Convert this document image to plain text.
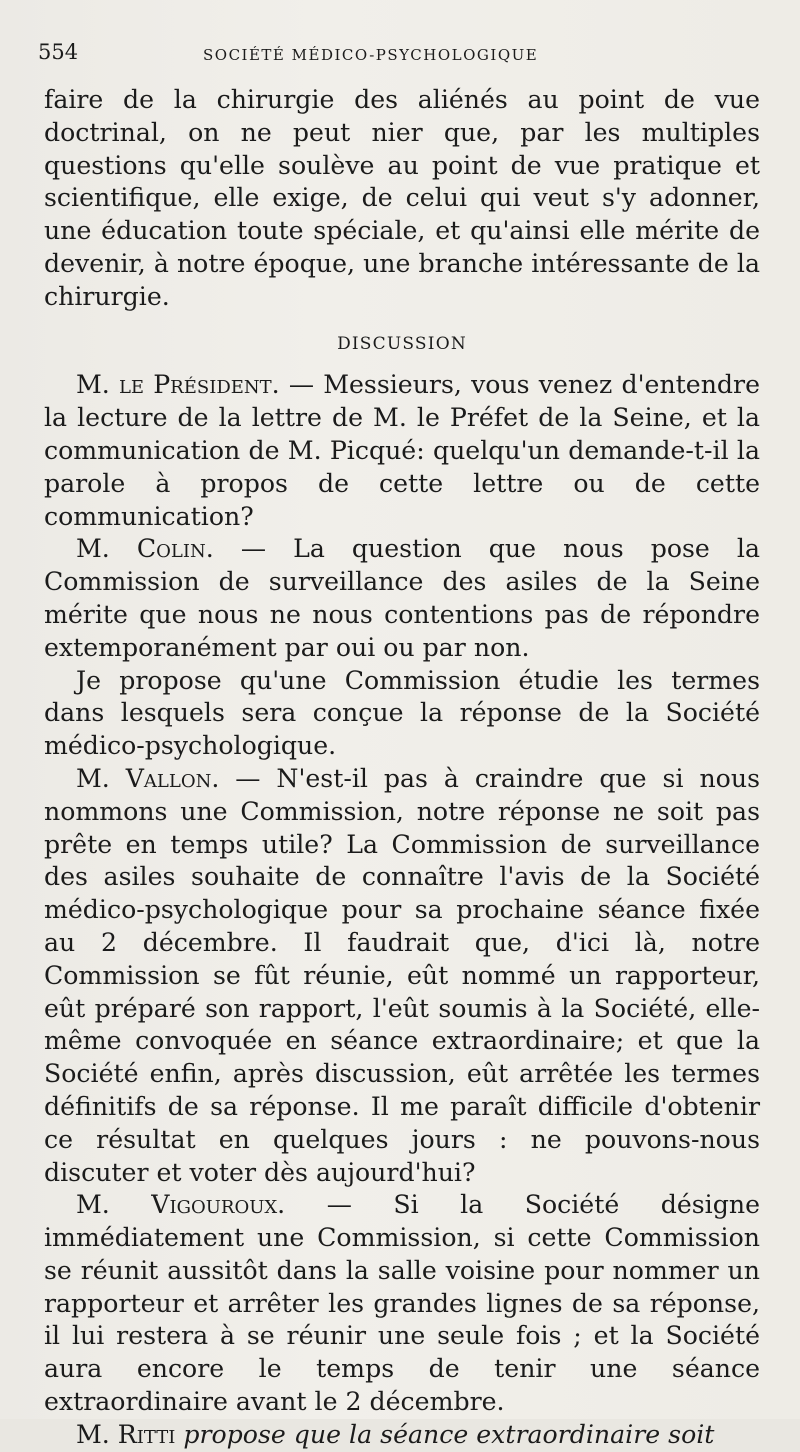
554	SOCIÉTÉ MÉDICO-PSYCHOLOGIQUE

faire de la chirurgie des aliénés au point de vue doctrinal, on ne peut nier que, par les multiples questions qu'elle soulève au point de vue pratique et scientifique, elle exige, de celui qui veut s'y adonner, une éducation toute spéciale, et qu'ainsi elle mérite de devenir, à notre époque, une branche intéressante de la chirurgie.

DISCUSSION

M. le Président. — Messieurs, vous venez d'entendre la lecture de la lettre de M. le Préfet de la Seine, et la communication de M. Picqué: quelqu'un demande-t-il la parole à propos de cette lettre ou de cette communication?

M. Colin. — La question que nous pose la Commission de surveillance des asiles de la Seine mérite que nous ne nous contentions pas de répondre extemporanément par oui ou par non.

Je propose qu'une Commission étudie les termes dans lesquels sera conçue la réponse de la Société médico-psychologique.

M. Vallon. — N'est-il pas à craindre que si nous nommons une Commission, notre réponse ne soit pas prête en temps utile? La Commission de surveillance des asiles souhaite de connaître l'avis de la Société médico-psychologique pour sa prochaine séance fixée au 2 décembre. Il faudrait que, d'ici là, notre Commission se fût réunie, eût nommé un rapporteur, eût préparé son rapport, l'eût soumis à la Société, elle-même convoquée en séance extraordinaire; et que la Société enfin, après discussion, eût arrêtée les termes définitifs de sa réponse. Il me paraît difficile d'obtenir ce résultat en quelques jours : ne pouvons-nous discuter et voter dès aujourd'hui?

M. Vigouroux. — Si la Société désigne immédiatement une Commission, si cette Commission se réunit aussitôt dans la salle voisine pour nommer un rapporteur et arrêter les grandes lignes de sa réponse, il lui restera à se réunir une seule fois ; et la Société aura encore le temps de tenir une séance extraordinaire avant le 2 décembre.

M. Ritti propose que la séance extraordinaire soit
